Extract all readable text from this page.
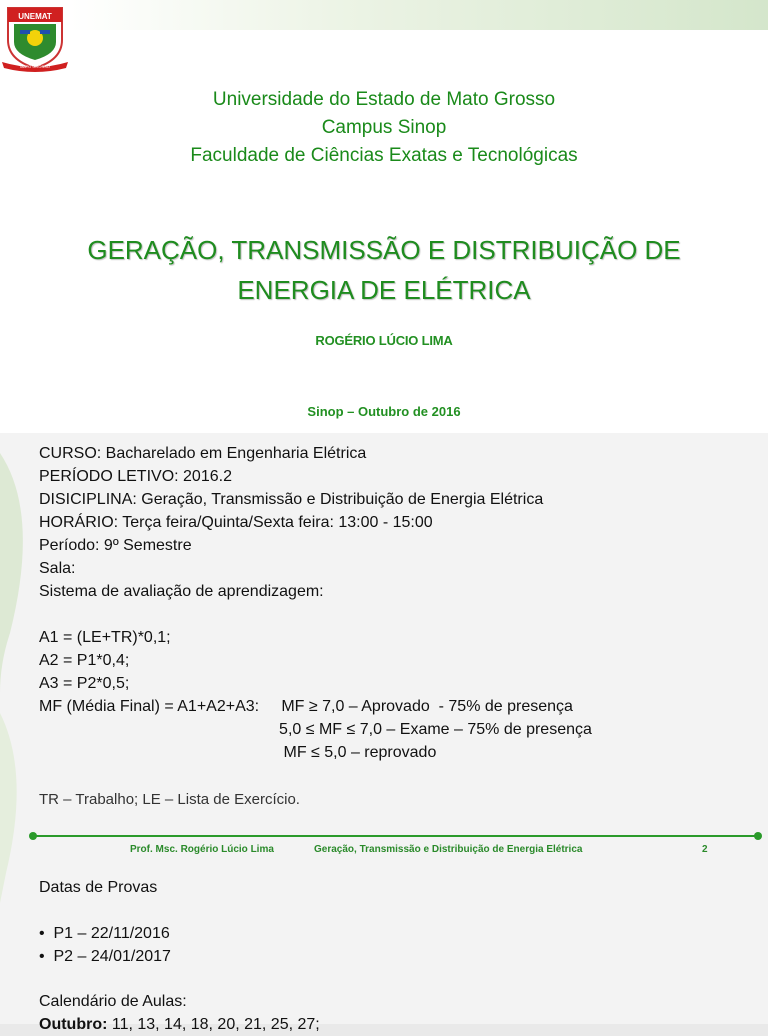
UNEMAT
MATO GROSSO
Universidade do Estado de Mato Grosso
Campus Sinop
Faculdade de Ciências Exatas e Tecnológicas
GERAÇÃO, TRANSMISSÃO E DISTRIBUIÇÃO DE
ENERGIA DE ELÉTRICA
ROGÉRIO LÚCIO LIMA
Sinop – Outubro de 2016
CURSO: Bacharelado em Engenharia Elétrica
PERÍODO LETIVO: 2016.2
DISICIPLINA: Geração, Transmissão e Distribuição de Energia Elétrica
HORÁRIO: Terça feira/Quinta/Sexta feira: 13:00 - 15:00
Período: 9º Semestre
Sala:
Sistema de avaliação de aprendizagem:

A1 = (LE+TR)*0,1;
A2 = P1*0,4;
A3 = P2*0,5;
MF (Média Final) = A1+A2+A3:     MF ≥ 7,0 – Aprovado  - 75% de presença
5,0 ≤ MF ≤ 7,0 – Exame – 75% de presença
MF ≤ 5,0 – reprovado
TR – Trabalho; LE – Lista de Exercício.
Prof. Msc. Rogério Lúcio Lima	Geração, Transmissão e Distribuição de Energia Elétrica	2
Datas de Provas
• P1 – 22/11/2016
• P2 – 24/01/2017
Calendário de Aulas:
Outubro: 11, 13, 14, 18, 20, 21, 25, 27;
